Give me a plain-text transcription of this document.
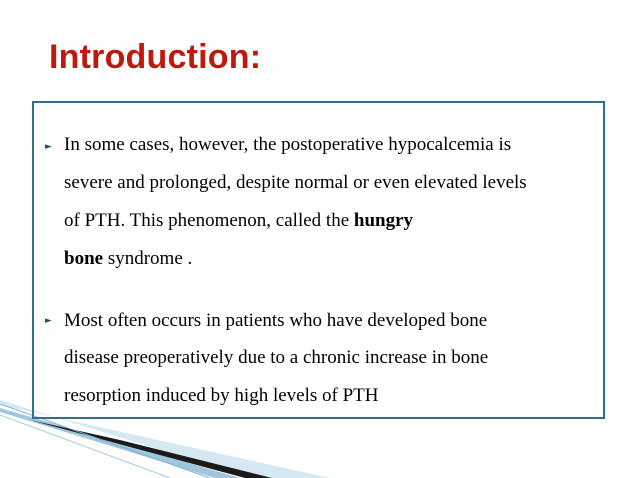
Introduction:
► In some cases, however, the postoperative hypocalcemia is
severe and prolonged, despite normal or even elevated levels
of PTH. This phenomenon, called the hungry
bone syndrome .
► Most often occurs in patients who have developed bone
disease preoperatively due to a chronic increase in bone
resorption induced by high levels of PTH
